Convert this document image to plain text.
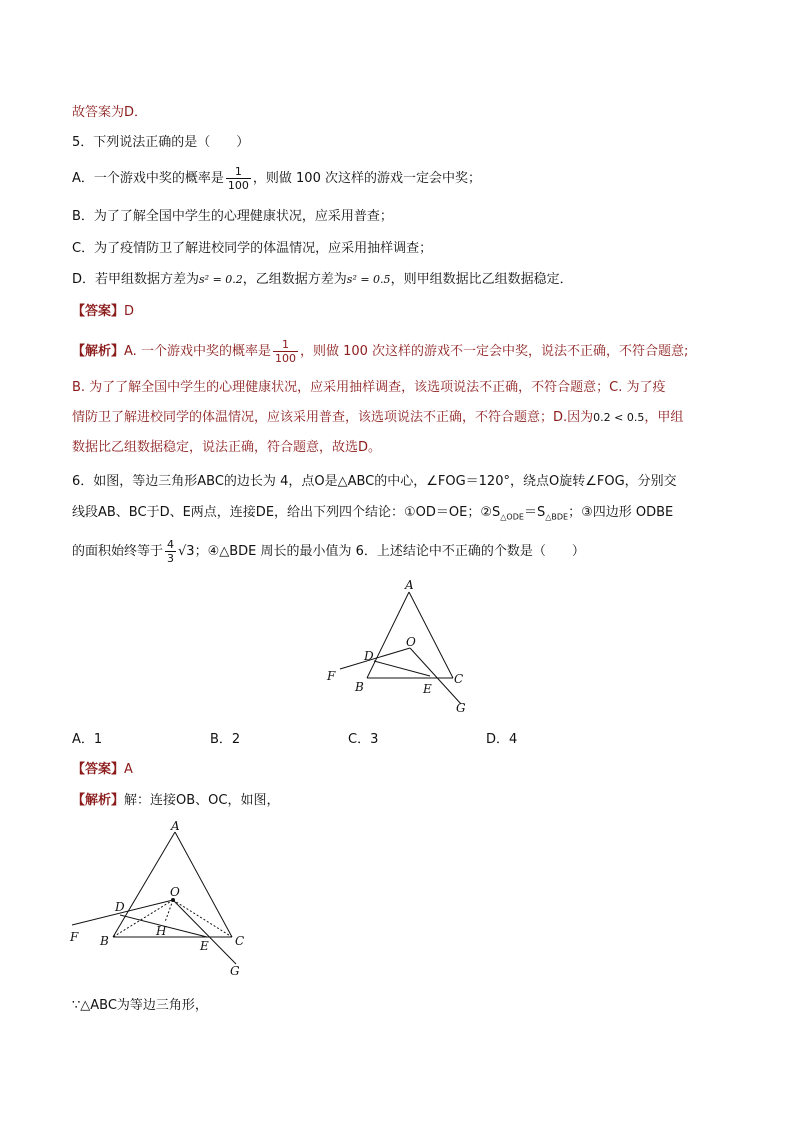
故答案为D．
5．下列说法正确的是（　　）
A．一个游戏中奖的概率是 $\frac{1}{100}$ ，则做 100 次这样的游戏一定会中奖；
B．为了了解全国中学生的心理健康状况，应采用普查；
C．为了疫情防卫了解进校同学的体温情况，应采用抽样调查；
D．若甲组数据方差为s² = 0.2，乙组数据方差为s² = 0.5，则甲组数据比乙组数据稳定．
【答案】D
【解析】A. 一个游戏中奖的概率是 $\frac{1}{100}$ ，则做 100 次这样的游戏不一定会中奖，说法不正确，不符合题意;
B. 为了了解全国中学生的心理健康状况，应采用抽样调查，该选项说法不正确，不符合题意；C. 为了疫
情防卫了解进校同学的体温情况，应该采用普查，该选项说法不正确，不符合题意；D.因为0.2 < 0.5，甲组
数据比乙组数据稳定，说法正确，符合题意，故选D。
6．如图，等边三角形ABC的边长为 4，点O是△ABC的中心，∠FOG＝120°，绕点O旋转∠FOG，分别交
线段AB、BC于D、E两点，连接DE，给出下列四个结论：①OD＝OE；$②S_{\triangle ODE}=S_{\triangle BDE}$；③四边形 ODBE
的面积始终等于 $\frac{4}{3} √3$；④△BDE 周长的最小值为 6．上述结论中不正确的个数是（　　）
A
O
D
F
B	E
C
G
A
O
D
F B
H
E C
G
A．1	B．2	C．3	D．4
【答案】A
【解析】解：连接OB、OC，如图，
∵△ABC为等边三角形，
